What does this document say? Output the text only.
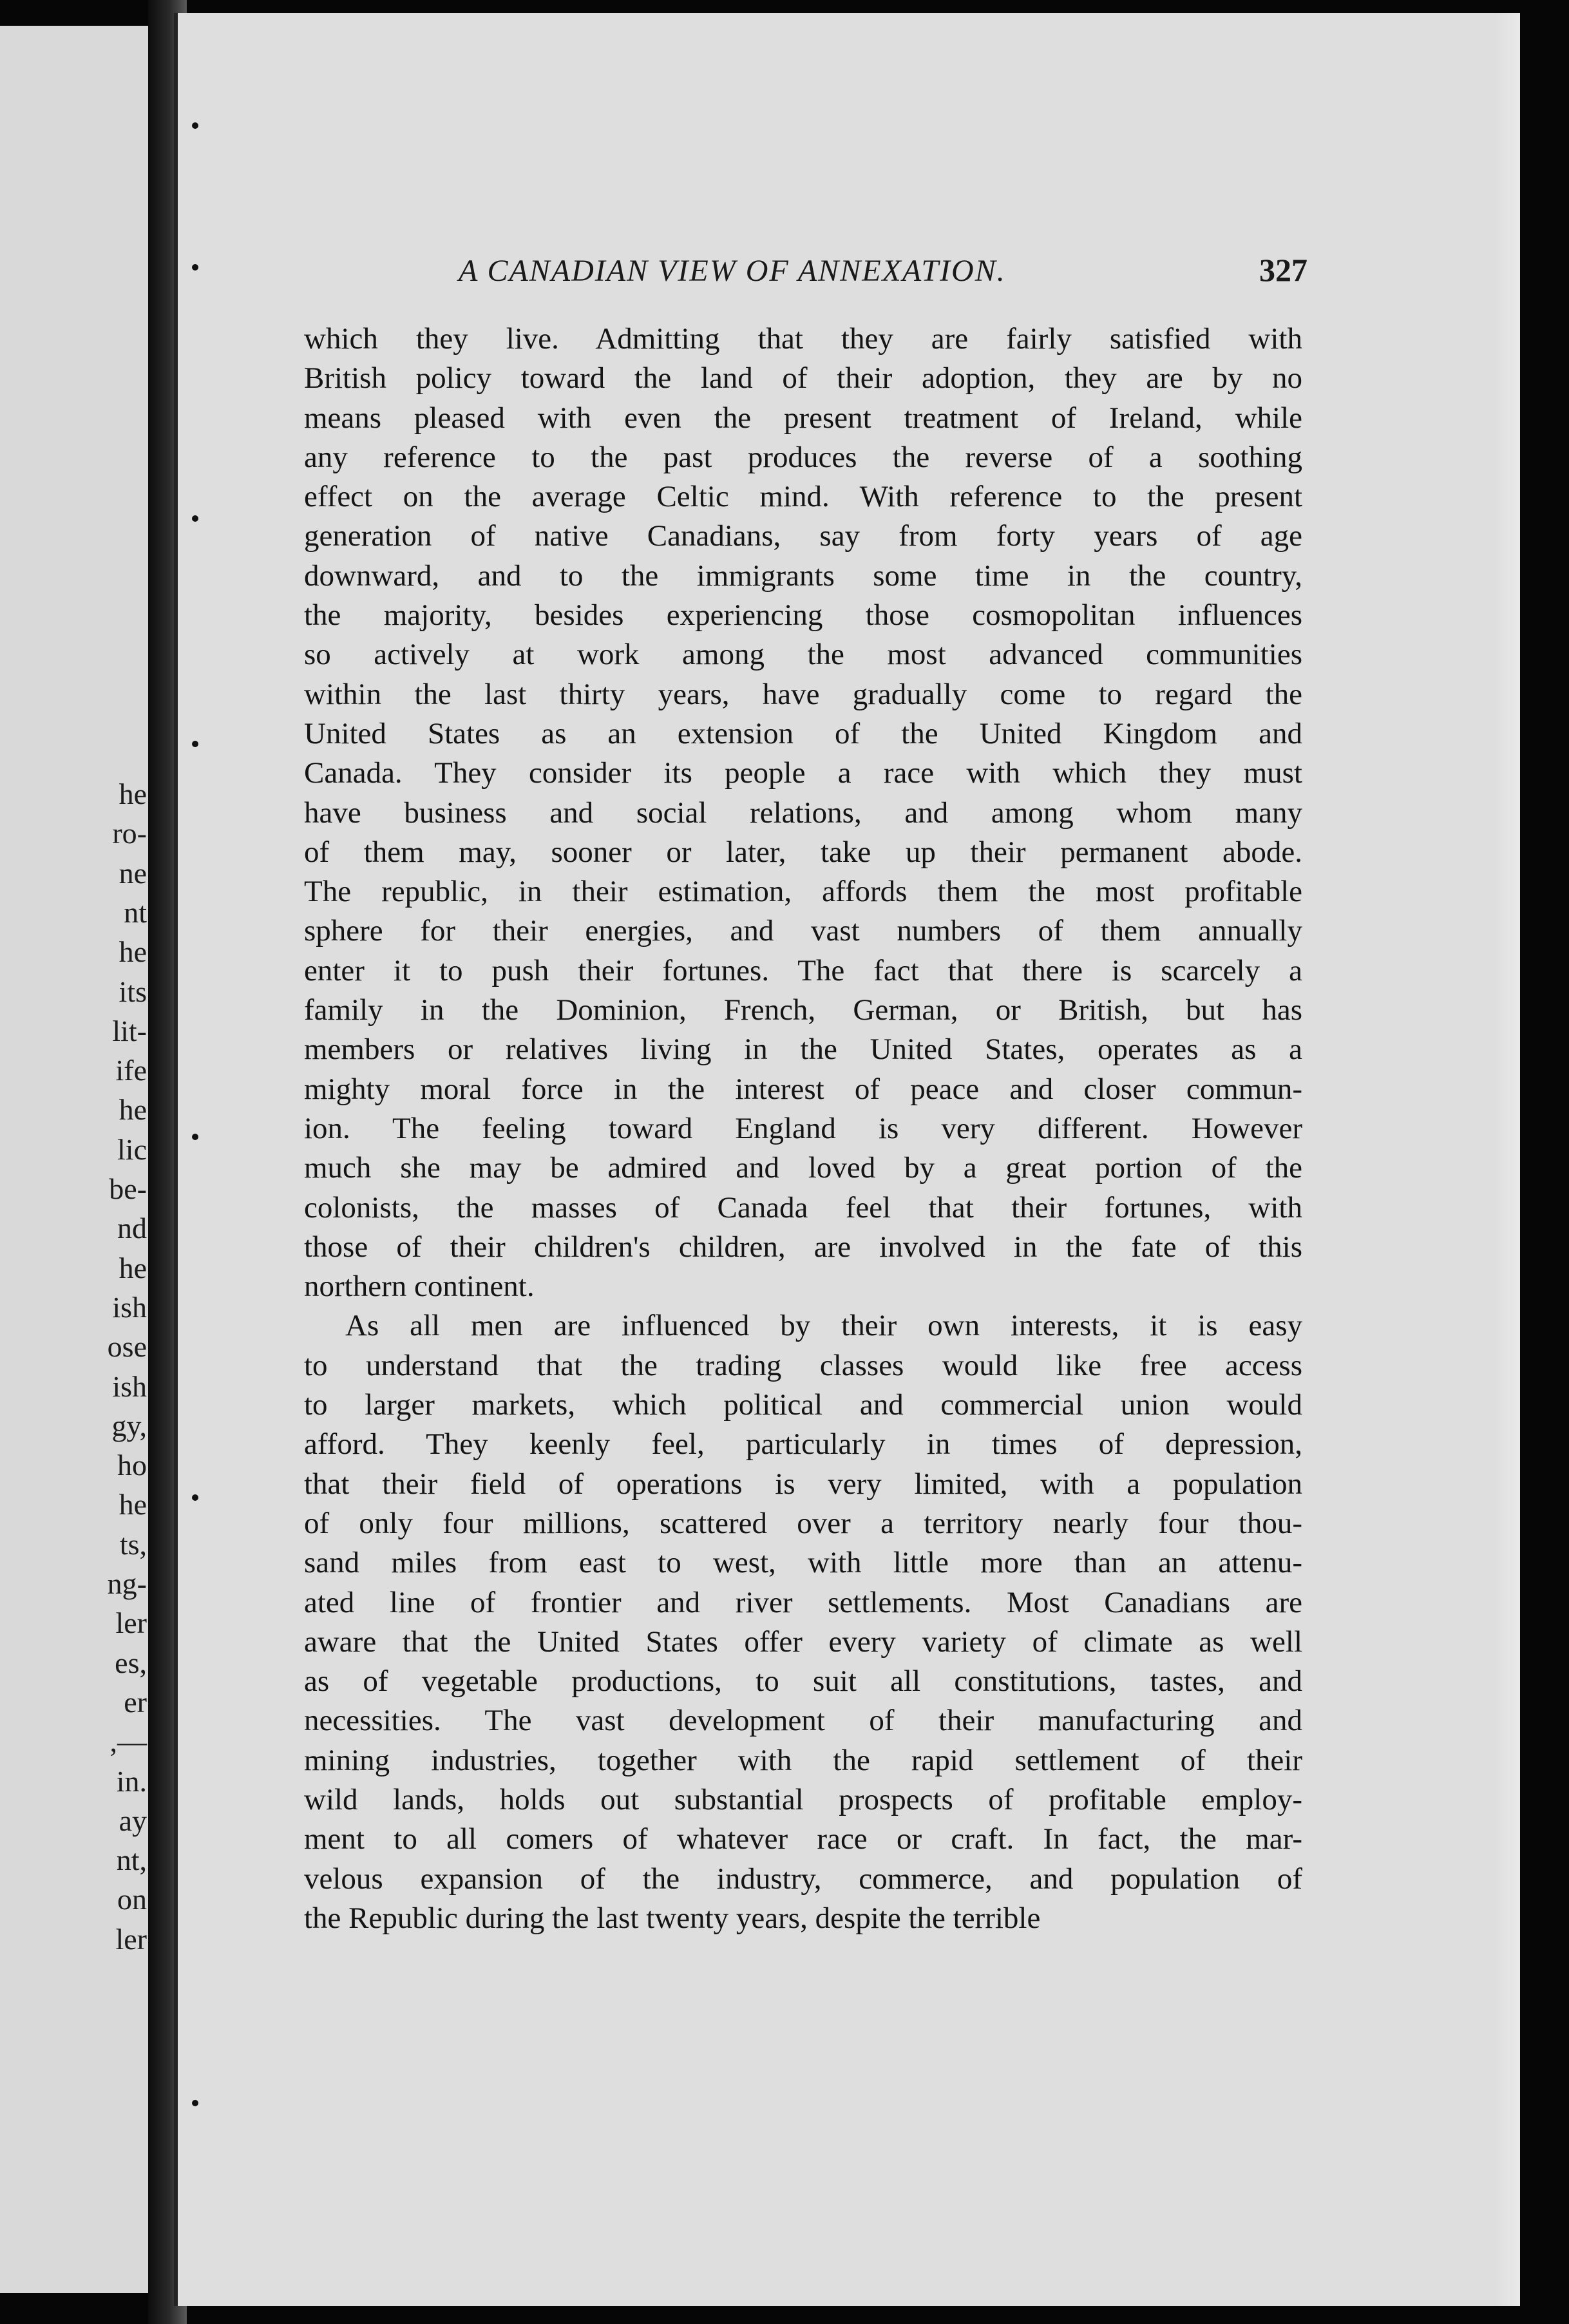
he
ro-
ne
nt
he
its
lit-
ife
he
lic
be-
nd
he
ish
ose
ish
gy,
ho
he
ts,
ng-
ler
es,
er
,—
in.
ay
nt,
on
ler
A CANADIAN VIEW OF ANNEXATION.	327
which they live. Admitting that they are fairly satisfied with
British policy toward the land of their adoption, they are by no
means pleased with even the present treatment of Ireland, while
any reference to the past produces the reverse of a soothing
effect on the average Celtic mind. With reference to the present
generation of native Canadians, say from forty years of age
downward, and to the immigrants some time in the country,
the majority, besides experiencing those cosmopolitan influences
so actively at work among the most advanced communities
within the last thirty years, have gradually come to regard the
United States as an extension of the United Kingdom and
Canada. They consider its people a race with which they must
have business and social relations, and among whom many
of them may, sooner or later, take up their permanent abode.
The republic, in their estimation, affords them the most profitable
sphere for their energies, and vast numbers of them annually
enter it to push their fortunes. The fact that there is scarcely a
family in the Dominion, French, German, or British, but has
members or relatives living in the United States, operates as a
mighty moral force in the interest of peace and closer commun-
ion. The feeling toward England is very different. However
much she may be admired and loved by a great portion of the
colonists, the masses of Canada feel that their fortunes, with
those of their children's children, are involved in the fate of this
northern continent.
As all men are influenced by their own interests, it is easy
to understand that the trading classes would like free access
to larger markets, which political and commercial union would
afford. They keenly feel, particularly in times of depression,
that their field of operations is very limited, with a population
of only four millions, scattered over a territory nearly four thou-
sand miles from east to west, with little more than an attenu-
ated line of frontier and river settlements. Most Canadians are
aware that the United States offer every variety of climate as well
as of vegetable productions, to suit all constitutions, tastes, and
necessities. The vast development of their manufacturing and
mining industries, together with the rapid settlement of their
wild lands, holds out substantial prospects of profitable employ-
ment to all comers of whatever race or craft. In fact, the mar-
velous expansion of the industry, commerce, and population of
the Republic during the last twenty years, despite the terrible
